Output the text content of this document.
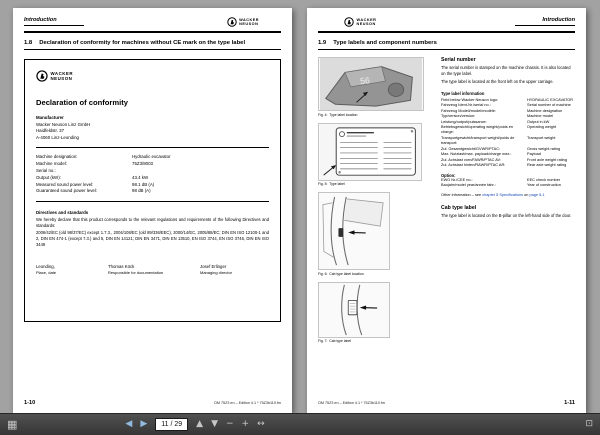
Introduction	WACKER
NEUSON
1.8 Declaration of conformity for machines without CE mark on the type label
WACKER
NEUSON
Declaration of conformity
Manufacturer
Wacker Neuson Linz GmbH
Haidfeldstr. 37
A-4060 Linz-Leonding
Machine designation:	Hydraulic excavator
Machine model:	75Z3/8003
Serial no.:
Output (kW):	43.4 kW
Measured sound power level:	98.1 dB (A)
Guaranteed sound power level:	98 dB (A)
Directives and standards
We hereby declare that this product corresponds to the relevant regulations and requirements of the following Directives and standards:
2006/42/EC (old 98/37/EC) except 1.7.3., 2004/108/EC (old 89/336/EEC), 2000/14/EC, 2005/88/EC; DIN EN ISO 12100-1 and 2, DIN EN 474-1 (except 7.3.) and 5, DIN EN 14121; DIN EN 3471, DIN EN 13510, EN ISO 3744, EN ISO 3746, DIN EN ISO 3449
Leonding,
Place, date
Thomas Köck
Responsible for documentation
Josef Erlinger
Managing director
1-10	OM 75Z3 en – Edition 4.1 * 75Z3b110.fm
WACKER
NEUSON
Introduction
1.9 Type labels and component numbers
56
Fig. 4:  Type label location
Fig. 5:  Type label
Fig. 6:  Cab type label location
Fig. 7:  Cab type label
Serial number
The serial number is stamped on the machine chassis. It is also located on the type label.
The type label is located at the front left on the upper carriage.
Type label information
Field below Wacker Neuson logo:	HYDRAULIC EXCAVATOR
Fahrzeug Ident-Nr./serial no.:	Serial number of machine
Fahrzeug Modell/model/modèle:	Machine designation
Typ/version/version:	Machine model
Leistung/output/puissance:	Output in kW
Betriebsgewicht/operating weight/poids en charge:
Operating weight
Transportgewicht/transport weight/poids de transport:
Transport weight
Zul. Gesamtgewicht/GVWR/PTAC:	Gross weight rating
Max. Nutzlast/max. payload/charge max.:	Payload
Zul. Achslast vorn/FAWR/PTAC AV:	Front axle weight rating
Zul. Achslast hinten/RAWR/PTAC AR:	Rear axle weight rating
Option:
EWG Nr./CEE no.:	EEC check number
Baujahr/model year/année fabr.:	Year of construction
Other information – see chapter 5 Specifications on page 5-1
Cab type label
The type label is located on the B-pillar on the left-hand side of the door.
OM 75Z3 en – Edition 4.1 * 75Z3b110.fm	1-11
▦	◀ ▶	11 / 29	▲ ▼ − + ↔	⊡
